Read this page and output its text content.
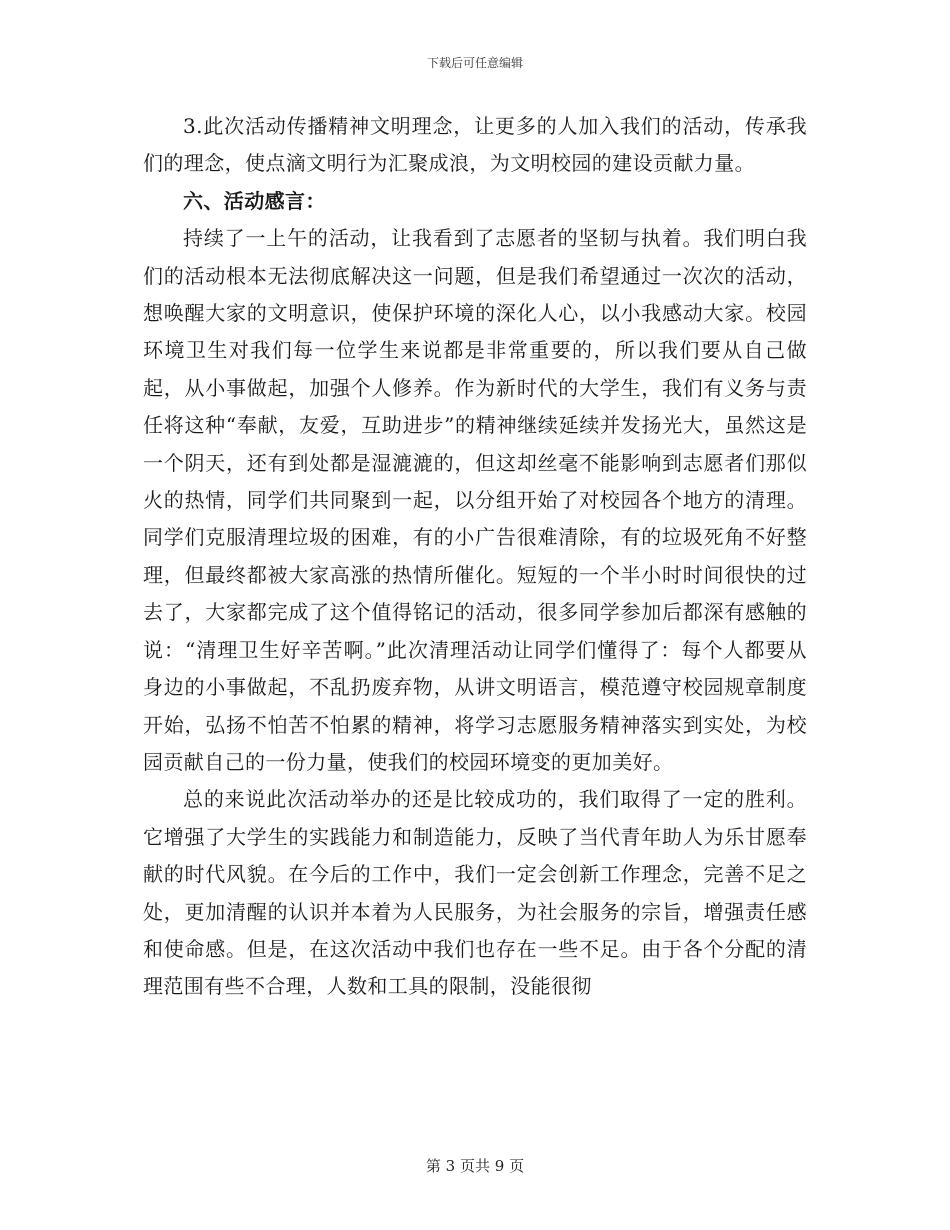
下载后可任意编辑

3.此次活动传播精神文明理念，让更多的人加入我们的活动，传承我们的理念，使点滴文明行为汇聚成浪，为文明校园的建设贡献力量。

六、活动感言：

持续了一上午的活动，让我看到了志愿者的坚韧与执着。我们明白我们的活动根本无法彻底解决这一问题，但是我们希望通过一次次的活动，想唤醒大家的文明意识，使保护环境的深化人心，以小我感动大家。校园环境卫生对我们每一位学生来说都是非常重要的，所以我们要从自己做起，从小事做起，加强个人修养。作为新时代的大学生，我们有义务与责任将这种“奉献，友爱，互助进步”的精神继续延续并发扬光大，虽然这是一个阴天，还有到处都是湿漉漉的，但这却丝毫不能影响到志愿者们那似火的热情，同学们共同聚到一起，以分组开始了对校园各个地方的清理。同学们克服清理垃圾的困难，有的小广告很难清除，有的垃圾死角不好整理，但最终都被大家高涨的热情所催化。短短的一个半小时时间很快的过去了，大家都完成了这个值得铭记的活动，很多同学参加后都深有感触的说：“清理卫生好辛苦啊。”此次清理活动让同学们懂得了：每个人都要从身边的小事做起，不乱扔废弃物，从讲文明语言，模范遵守校园规章制度开始，弘扬不怕苦不怕累的精神，将学习志愿服务精神落实到实处，为校园贡献自己的一份力量，使我们的校园环境变的更加美好。

总的来说此次活动举办的还是比较成功的，我们取得了一定的胜利。它增强了大学生的实践能力和制造能力，反映了当代青年助人为乐甘愿奉献的时代风貌。在今后的工作中，我们一定会创新工作理念，完善不足之处，更加清醒的认识并本着为人民服务，为社会服务的宗旨，增强责任感和使命感。但是，在这次活动中我们也存在一些不足。由于各个分配的清理范围有些不合理，人数和工具的限制，没能很彻

第 3 页共 9 页
